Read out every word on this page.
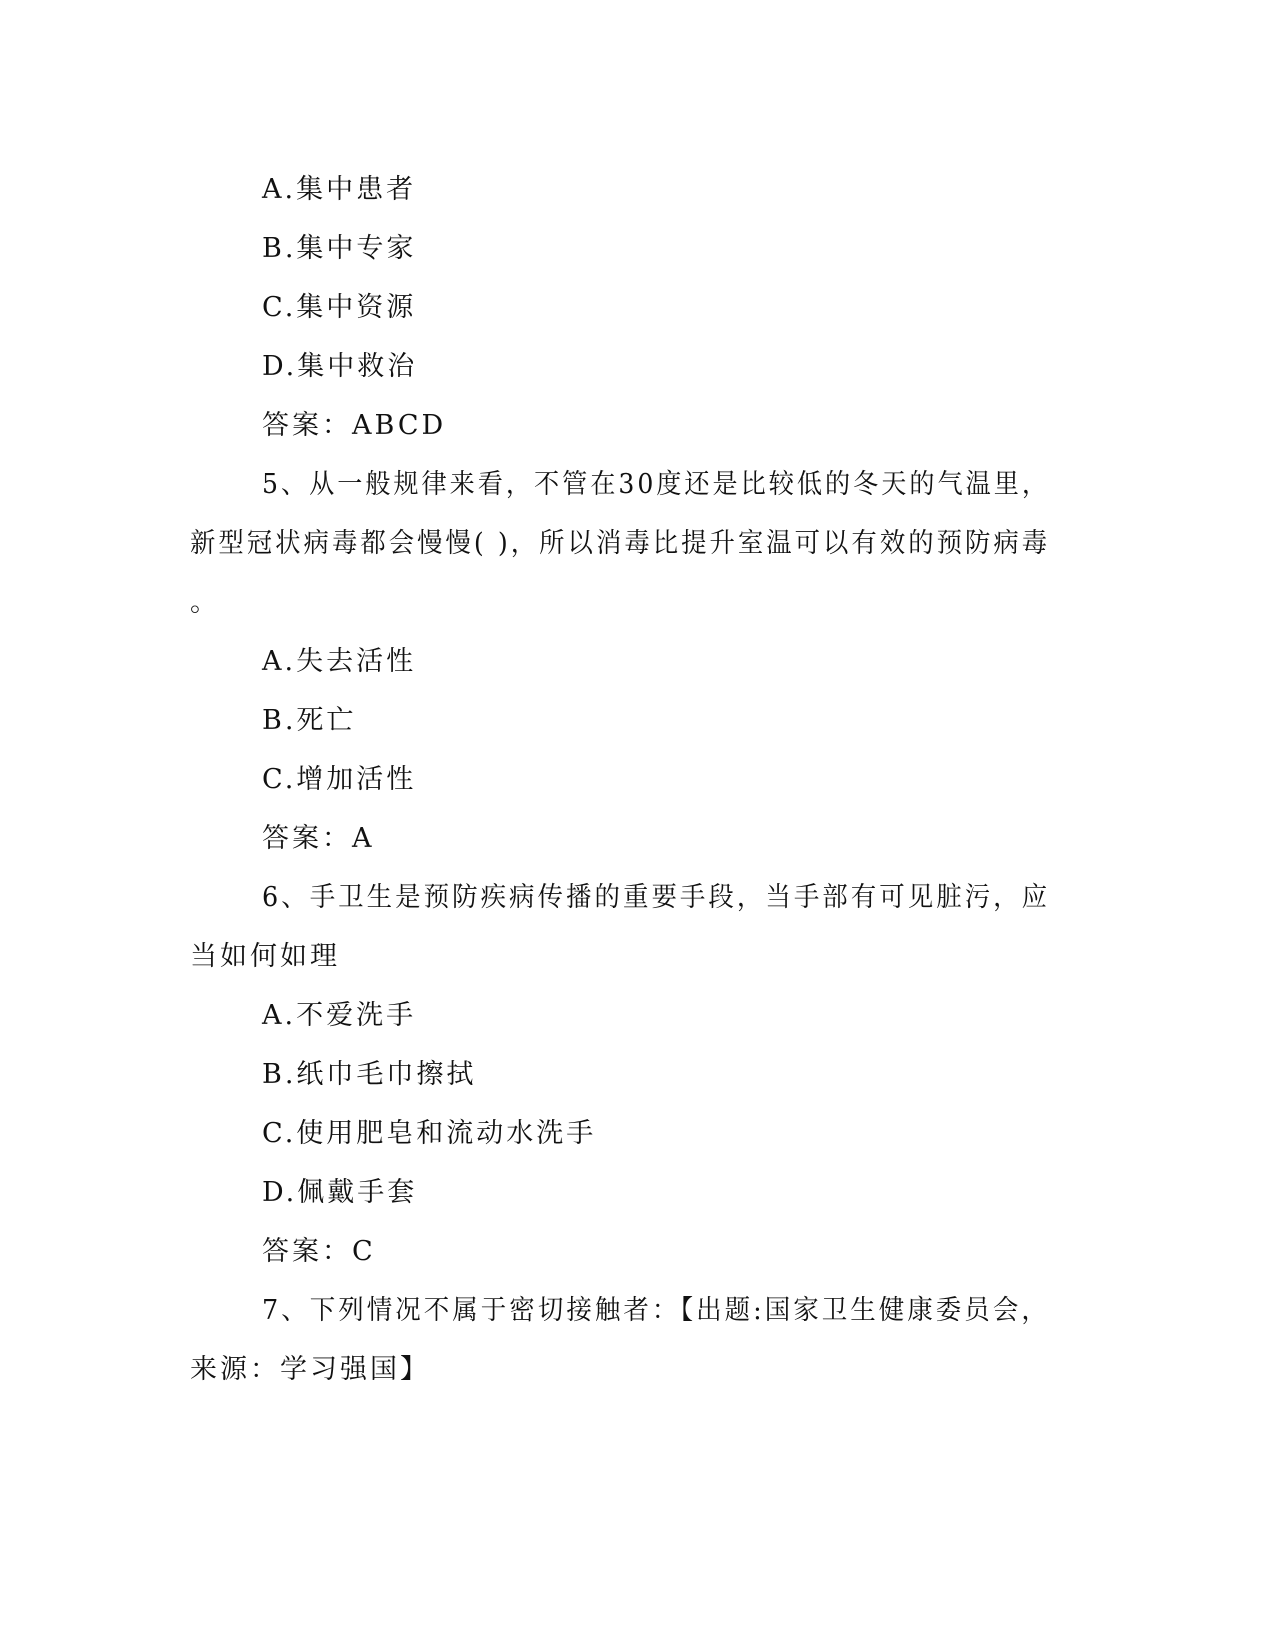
A.集中患者
B.集中专家
C.集中资源
D.集中救治
答案：ABCD
5、从一般规律来看，不管在30度还是比较低的冬天的气温里，
新型冠状病毒都会慢慢( )，所以消毒比提升室温可以有效的预防病毒
。
A.失去活性
B.死亡
C.增加活性
答案：A
6、手卫生是预防疾病传播的重要手段，当手部有可见脏污，应
当如何如理
A.不爱洗手
B.纸巾毛巾擦拭
C.使用肥皂和流动水洗手
D.佩戴手套
答案：C
7、下列情况不属于密切接触者：【出题:国家卫生健康委员会，
来源：学习强国】
